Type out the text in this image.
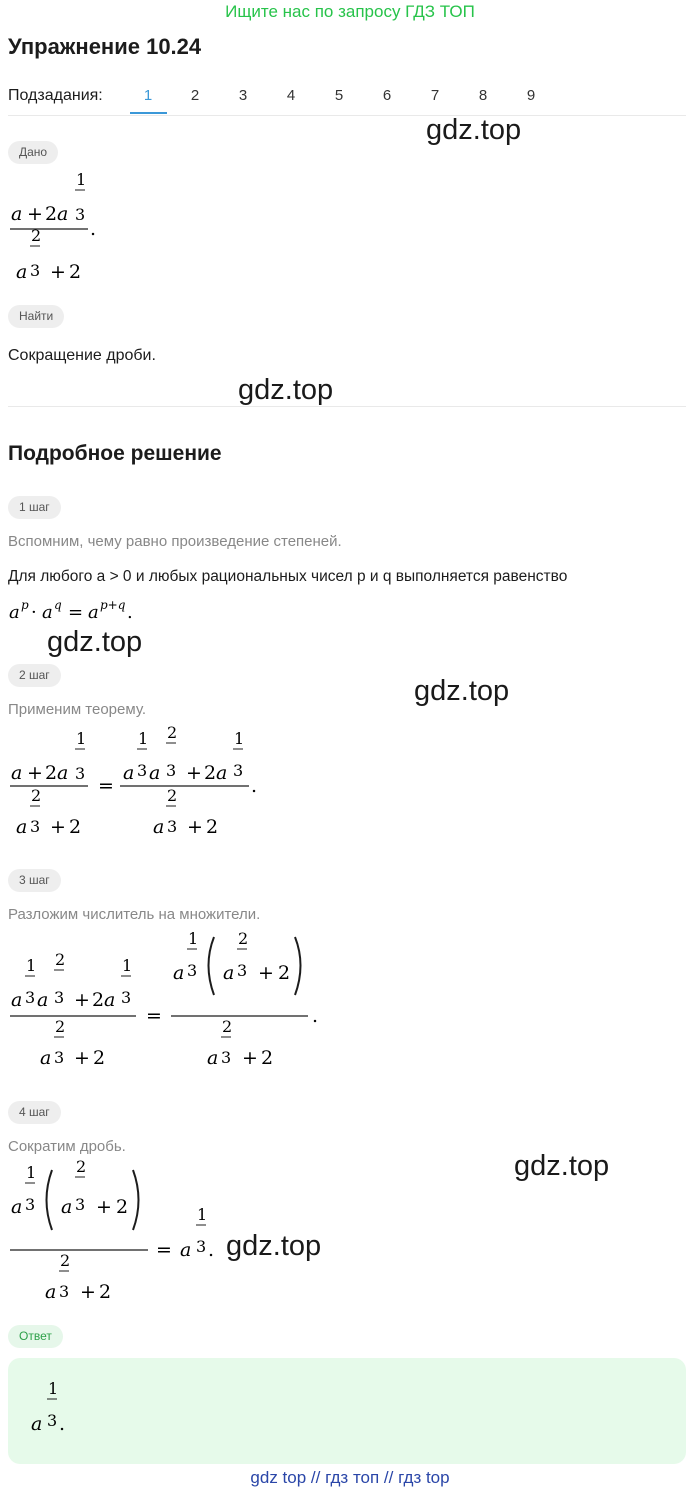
Ищите нас по запросу ГДЗ ТОП
Упражнение 10.24
Подзадания:	1	2	3	4	5	6	7	8	9
gdz.top
Дано
a + 2 a
1
3
.
2
a 3 + 2
Найти
Сокращение дроби.
gdz.top
Подробное решение
1 шаг
Вспомним, чему равно произведение степеней.
Для любого a > 0 и любых рациональных чисел p и q выполняется равенство
a p · a q = a p+q .
gdz.top
2 шаг	gdz.top
Применим теорему.
a + 2 a
1
3
2
a 3 + 2
=
a
1
3 a
2
3 + 2 a
1
3
.
2
a 3 + 2
3 шаг
Разложим числитель на множители.
a
1
3 a
2
3 + 2 a
1
3
2
a 3 + 2
=
a
1
3 a
2
3 + 2
.
2
a 3 + 2
4 шаг
Сократим дробь.
gdz.top
a
1
3 a
2
3 + 2
2
a 3 + 2
= a
1
3 . gdz.top
Ответ
a
1
3 .
gdz top // гдз топ // гдз top
